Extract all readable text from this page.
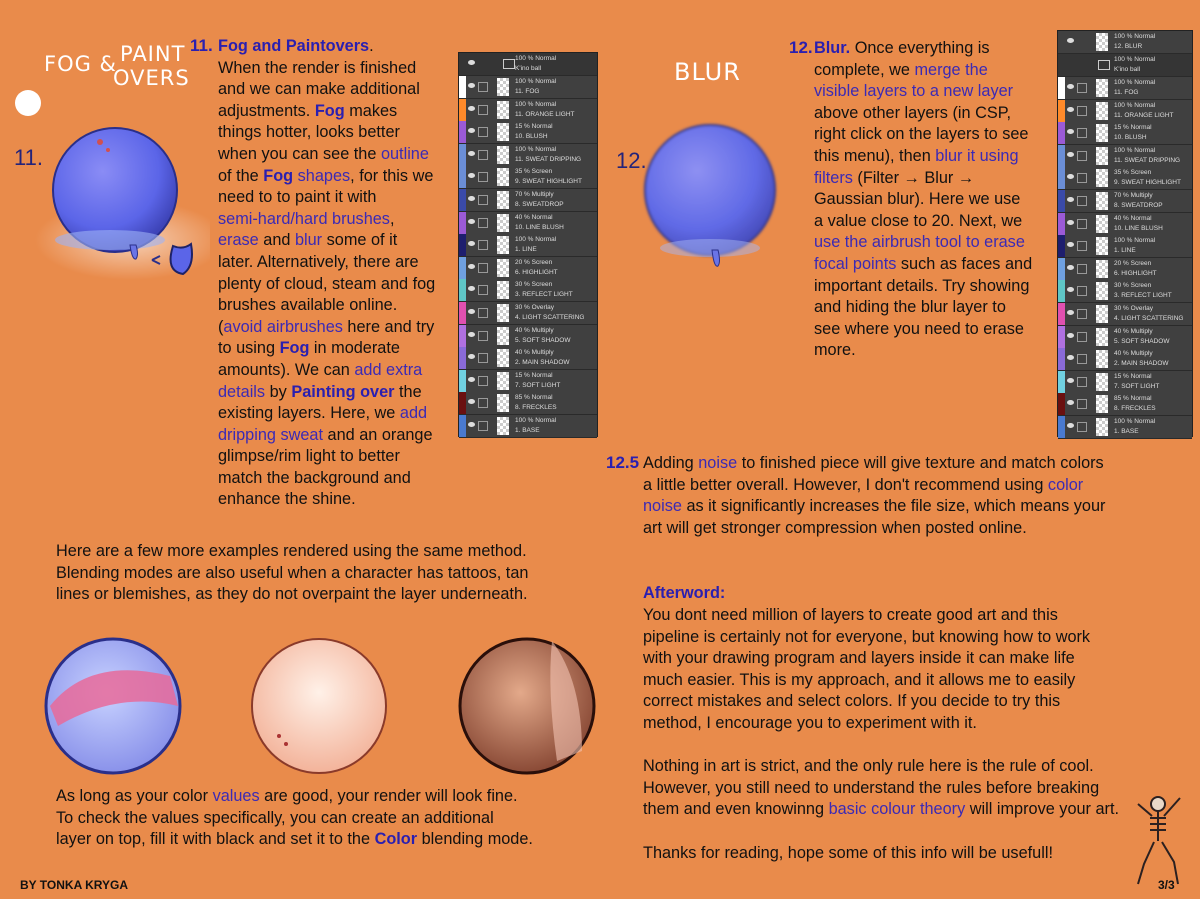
FOG & PAINT
OVERS
11.
11. Fog and Paintovers.
When the render is finished
and we can make additional
adjustments. Fog makes
things hotter, looks better
when you can see the outline
of the Fog shapes, for this we
need to to paint it with
semi-hard/hard brushes,
erase and blur some of it
later. Alternatively, there are
plenty of cloud, steam and fog
brushes available online.
(avoid airbrushes here and try
to using Fog in moderate
amounts). We can add extra
details by Painting over the
existing layers. Here, we add
dripping sweat and an orange
glimpse/rim light to better
match the background and
enhance the shine.
100 % Normal
K'ino ball
100 % Normal
11. FOG
100 % Normal
11. ORANGE LIGHT
15 % Normal
10. BLUSH
100 % Normal
11. SWEAT DRIPPING
35 % Screen
9. SWEAT HIGHLIGHT
70 % Multiply
8. SWEATDROP
40 % Normal
10. LINE BLUSH
100 % Normal
1. LINE
20 % Screen
6. HIGHLIGHT
30 % Screen
3. REFLECT LIGHT
30 % Overlay
4. LIGHT SCATTERING
40 % Multiply
5. SOFT SHADOW
40 % Multiply
2. MAIN SHADOW
15 % Normal
7. SOFT LIGHT
85 % Normal
8. FRECKLES
100 % Normal
1. BASE
BLUR
12.
12. Blur. Once everything is
complete, we merge the
visible layers to a new layer
above other layers (in CSP,
right click on the layers to see
this menu), then blur it using
filters (Filter → Blur →
Gaussian blur). Here we use
a value close to 20. Next, we
use the airbrush tool to erase
focal points such as faces and
important details. Try showing
and hiding the blur layer to
see where you need to erase
more.
100 % Normal
12. BLUR
100 % Normal
K'ino ball
100 % Normal
11. FOG
100 % Normal
11. ORANGE LIGHT
15 % Normal
10. BLUSH
100 % Normal
11. SWEAT DRIPPING
35 % Screen
9. SWEAT HIGHLIGHT
70 % Multiply
8. SWEATDROP
40 % Normal
10. LINE BLUSH
100 % Normal
1. LINE
20 % Screen
6. HIGHLIGHT
30 % Screen
3. REFLECT LIGHT
30 % Overlay
4. LIGHT SCATTERING
40 % Multiply
5. SOFT SHADOW
40 % Multiply
2. MAIN SHADOW
15 % Normal
7. SOFT LIGHT
85 % Normal
8. FRECKLES
100 % Normal
1. BASE
12.5 Adding noise to finished piece will give texture and match colors
a little better overall. However, I don't recommend using color
noise as it significantly increases the file size, which means your
art will get stronger compression when posted online.
Here are a few more examples rendered using the same method.
Blending modes are also useful when a character has tattoos, tan
lines or blemishes, as they do not overpaint the layer underneath.
As long as your color values are good, your render will look fine.
To check the values specifically, you can create an additional
layer on top, fill it with black and set it to the Color blending mode.
Afterword:
You dont need million of layers to create good art and this
pipeline is certainly not for everyone, but knowing how to work
with your drawing program and layers inside it can make life
much easier. This is my approach, and it allows me to easily
correct mistakes and select colors. If you decide to try this
method, I encourage you to experiment with it.
Nothing in art is strict, and the only rule here is the rule of cool.
However, you still need to understand the rules before breaking
them and even knowinng basic colour theory will improve your art.
Thanks for reading, hope some of this info will be usefull!
BY TONKA KRYGA	3/3
